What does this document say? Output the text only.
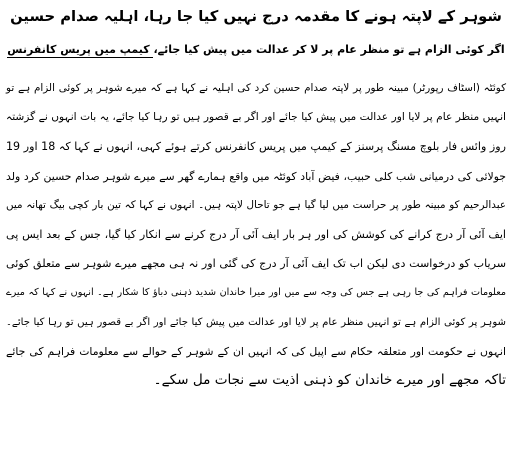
شوہر کے لاپتہ ہونے کا مقدمہ درج نہیں کیا جا رہا، اہلیہ صدام حسین
اگر کوئی الزام ہے تو منظر عام پر لا کر عدالت میں پیش کیا جائے، کیمپ میں پریس کانفرنس
کوئٹہ (اسٹاف رپورٹر) مبینہ طور پر لاپتہ صدام حسین کرد کی اہلیہ نے کہا ہے کہ میرے شوہر پر کوئی الزام ہے تو
انہیں منظر عام پر لایا اور عدالت میں پیش کیا جائے اور اگر بے قصور ہیں تو رہا کیا جائے، یہ بات انہوں نے گزشتہ
روز وائس فار بلوچ مسنگ پرسنز کے کیمپ میں پریس کانفرنس کرتے ہوئے کہی، انہوں نے کہا کہ 18 اور 19
جولائی کی درمیانی شب کلی حبیب، فیض آباد کوئٹہ میں واقع ہمارے گھر سے میرے شوہر صدام حسین کرد ولد
عبدالرحیم کو مبینہ طور پر حراست میں لیا گیا ہے جو تاحال لاپتہ ہیں۔ انہوں نے کہا کہ تین بار کچی بیگ تھانہ میں
ایف آئی آر درج کرانے کی کوشش کی اور ہر بار ایف آئی آر درج کرنے سے انکار کیا گیا، جس کے بعد ایس پی
سریاب کو درخواست دی لیکن اب تک ایف آئی آر درج کی گئی اور نہ ہی مجھے میرے شوہر سے متعلق کوئی
معلومات فراہم کی جا رہی ہے جس کی وجہ سے میں اور میرا خاندان شدید ذہنی دباؤ کا شکار ہے۔ انہوں نے کہا کہ میرے
شوہر پر کوئی الزام ہے تو انہیں منظر عام پر لایا اور عدالت میں پیش کیا جائے اور اگر بے قصور ہیں تو رہا کیا جائے۔
انہوں نے حکومت اور متعلقہ حکام سے اپیل کی کہ انہیں ان کے شوہر کے حوالے سے معلومات فراہم کی جائے
تاکہ مجھے اور میرے خاندان کو ذہنی اذیت سے نجات مل سکے۔
